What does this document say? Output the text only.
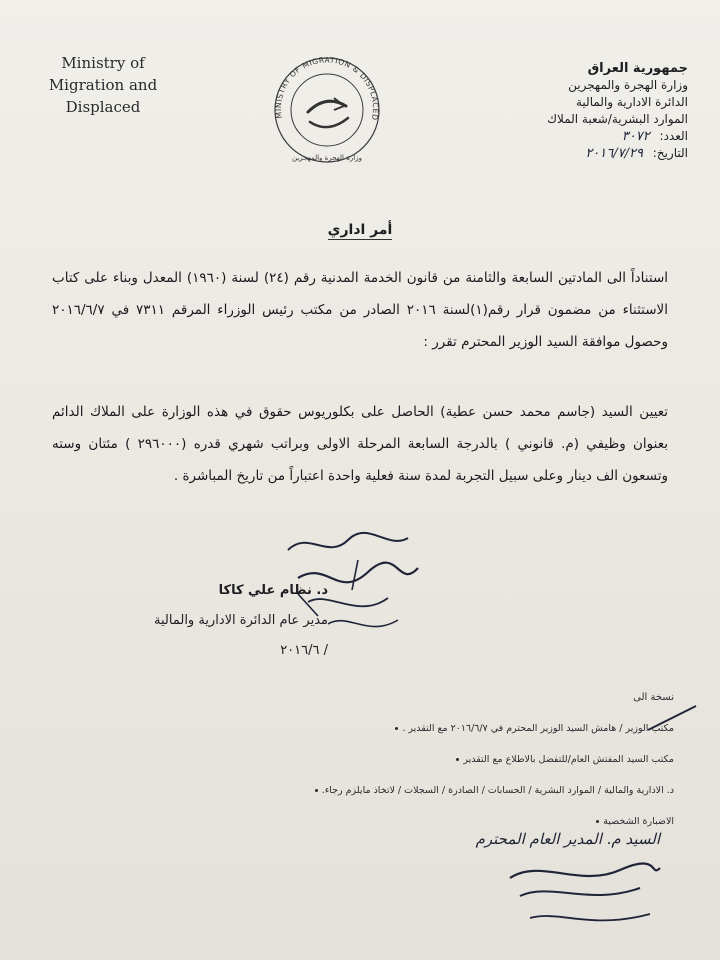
Ministry of
Migration and
Displaced	MINISTRY OF MIGRATION & DISPLACED
وزارة الهجرة والمهجرين
جمهورية العراق
وزارة الهجرة والمهجرين
الدائرة الادارية والمالية
الموارد البشرية/شعبة الملاك
العدد: ٣٠٧٢
التاريخ: ٢٠١٦/٧/٢٩
أمر اداري
استناداً الى المادتين السابعة والثامنة من قانون الخدمة المدنية رقم (٢٤) لسنة (١٩٦٠) المعدل وبناء على كتاب الاستثناء من مضمون قرار رقم(١)لسنة ٢٠١٦ الصادر من مكتب رئيس الوزراء المرقم ٧٣١١ في ٢٠١٦/٦/٧ وحصول موافقة السيد الوزير المحترم تقرر :
تعيين السيد (جاسم محمد حسن عطية) الحاصل على بكلوريوس حقوق في هذه الوزارة على الملاك الدائم بعنوان وظيفي (م. قانوني ) بالدرجة السابعة المرحلة الاولى وبراتب شهري قدره (٢٩٦٠٠٠ ) مئتان وسته وتسعون الف دينار وعلى سبيل التجربة لمدة سنة فعلية واحدة اعتباراً من تاريخ المباشرة .
د. نظام علي كاكا
مدير عام الدائرة الادارية والمالية
/ ٢٠١٦/٦
نسخة الى
مكتب الوزير / هامش السيد الوزير المحترم في ٢٠١٦/٦/٧ مع التقدير .
مكتب السيد المفتش العام/للتفضل بالاطلاع مع التقدير
د. الادارية والمالية / الموارد البشرية / الحسابات / الصادرة / السجلات / لاتخاذ مايلزم رجاء.
الاضبارة الشخصية
السيد م. المدير العام المحترم
